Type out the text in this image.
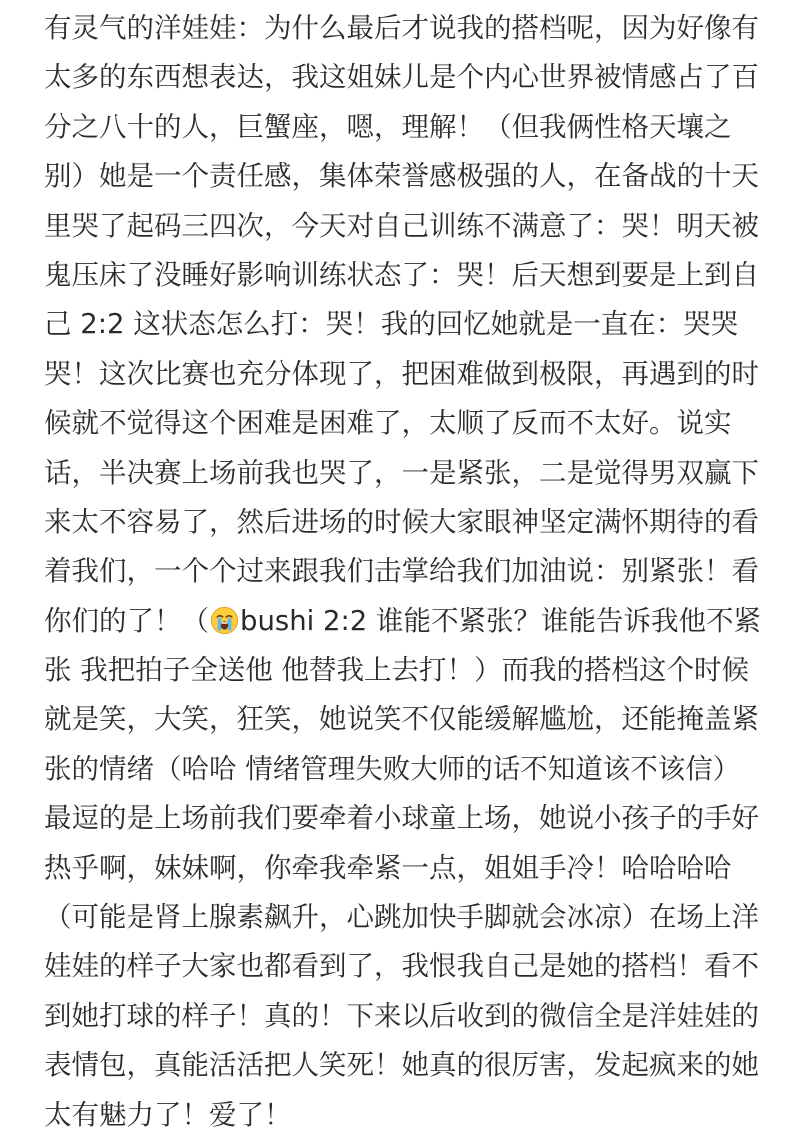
有灵气的洋娃娃：为什么最后才说我的搭档呢，因为好像有
太多的东西想表达，我这姐妹儿是个内心世界被情感占了百
分之八十的人，巨蟹座，嗯，理解！（但我俩性格天壤之
别）她是一个责任感，集体荣誉感极强的人，在备战的十天
里哭了起码三四次，今天对自己训练不满意了：哭！明天被
鬼压床了没睡好影响训练状态了：哭！后天想到要是上到自
己 2:2 这状态怎么打：哭！我的回忆她就是一直在：哭哭
哭！这次比赛也充分体现了，把困难做到极限，再遇到的时
候就不觉得这个困难是困难了，太顺了反而不太好。说实
话，半决赛上场前我也哭了，一是紧张，二是觉得男双赢下
来太不容易了，然后进场的时候大家眼神坚定满怀期待的看
着我们，一个个过来跟我们击掌给我们加油说：别紧张！看
你们的了！（ bushi 2:2 谁能不紧张？谁能告诉我他不紧
张 我把拍子全送他 他替我上去打！）而我的搭档这个时候
就是笑，大笑，狂笑，她说笑不仅能缓解尴尬，还能掩盖紧
张的情绪（哈哈 情绪管理失败大师的话不知道该不该信）
最逗的是上场前我们要牵着小球童上场，她说小孩子的手好
热乎啊，妹妹啊，你牵我牵紧一点，姐姐手冷！哈哈哈哈
（可能是肾上腺素飙升，心跳加快手脚就会冰凉）在场上洋
娃娃的样子大家也都看到了，我恨我自己是她的搭档！看不
到她打球的样子！真的！下来以后收到的微信全是洋娃娃的
表情包，真能活活把人笑死！她真的很厉害，发起疯来的她
太有魅力了！爱了！
